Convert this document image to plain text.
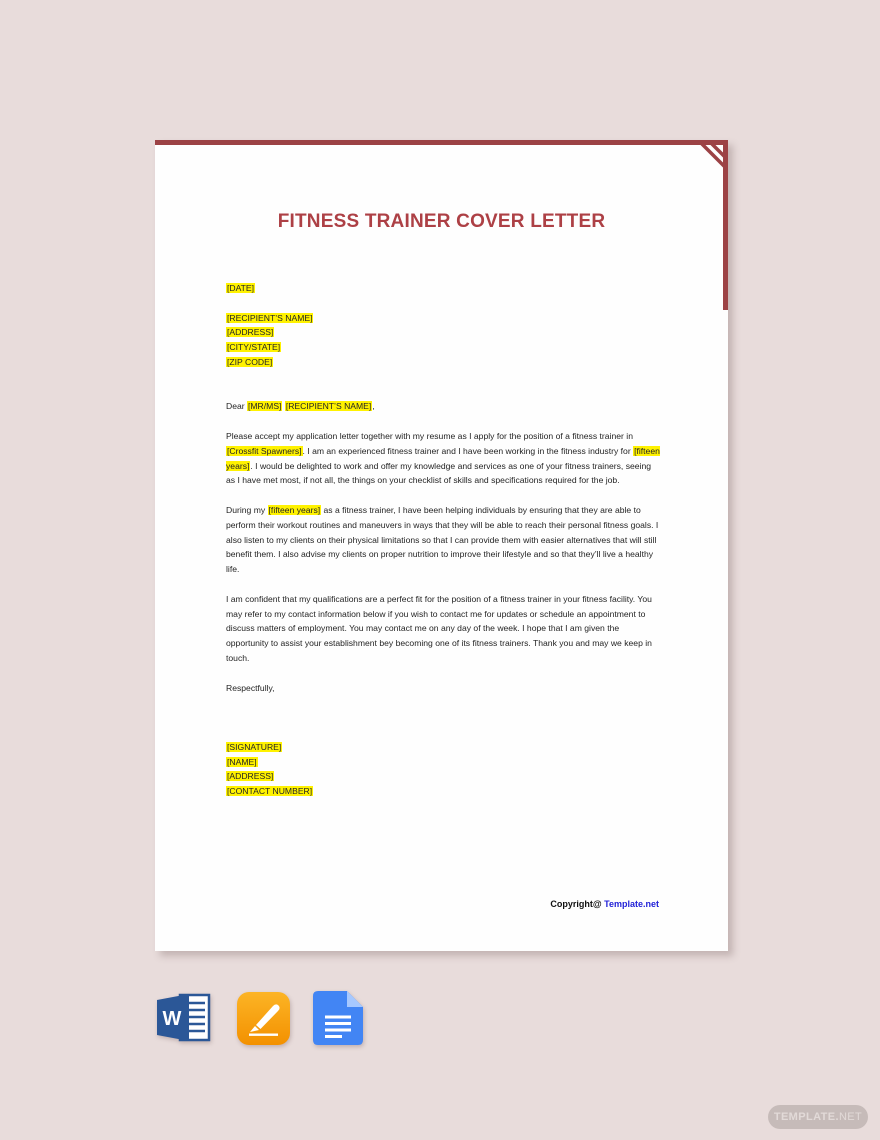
FITNESS TRAINER COVER LETTER
[DATE]
[RECIPIENT’S NAME]
[ADDRESS]
[CITY/STATE]
[ZIP CODE]
Dear [MR/MS] [RECIPIENT’S NAME],

Please accept my application letter together with my resume as I apply for the position of a fitness trainer in [Crossfit Spawners]. I am an experienced fitness trainer and I have been working in the fitness industry for [fifteen years]. I would be delighted to work and offer my knowledge and services as one of your fitness trainers, seeing as I have met most, if not all, the things on your checklist of skills and specifications required for the job.

During my [fifteen years] as a fitness trainer, I have been helping individuals by ensuring that they are able to perform their workout routines and maneuvers in ways that they will be able to reach their personal fitness goals. I also listen to my clients on their physical limitations so that I can provide them with easier alternatives that will still benefit them. I also advise my clients on proper nutrition to improve their lifestyle and so that they’ll live a healthy life.

I am confident that my qualifications are a perfect fit for the position of a fitness trainer in your fitness facility. You may refer to my contact information below if you wish to contact me for updates or schedule an appointment to discuss matters of employment. You may contact me on any day of the week. I hope that I am given the opportunity to assist your establishment bey becoming one of its fitness trainers. Thank you and may we keep in touch.

Respectfully,
[SIGNATURE]
[NAME]
[ADDRESS]
[CONTACT NUMBER]
Copyright@ Template.net
W
TEMPLATE. NET
